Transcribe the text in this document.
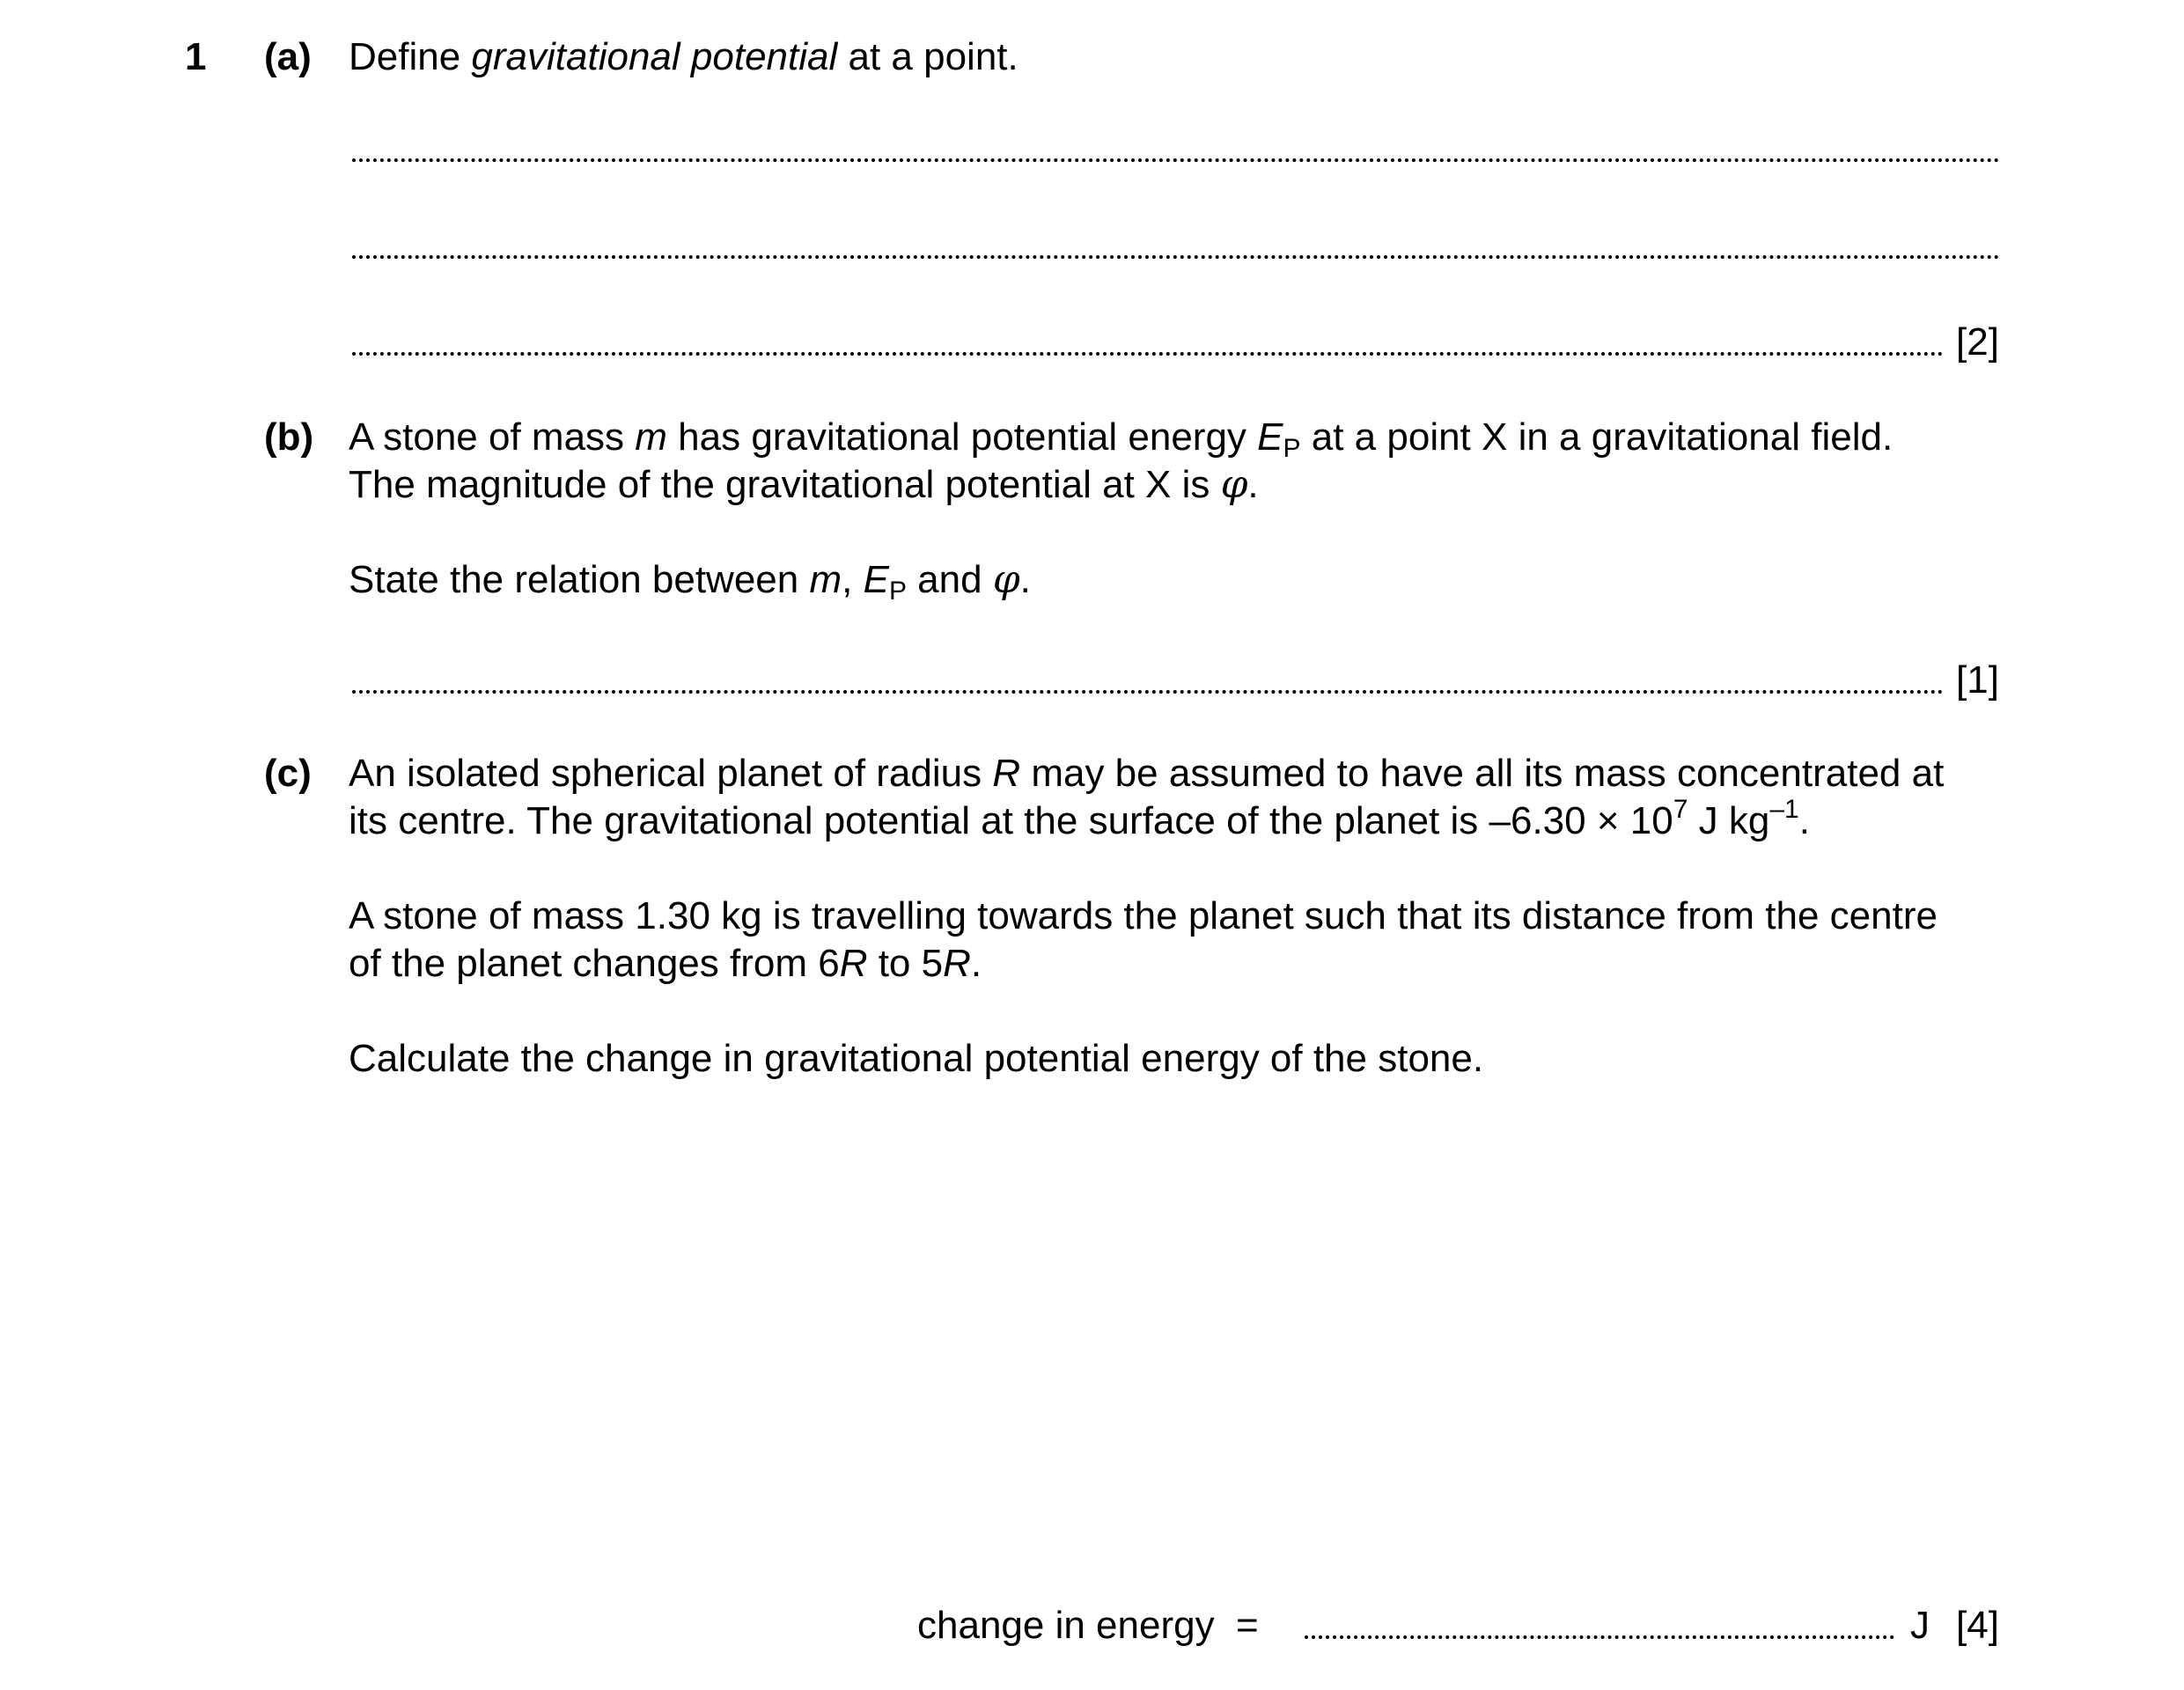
1 (a) Define gravitational potential at a point.
[2]
(b) A stone of mass m has gravitational potential energy $E_P$ at a point X in a gravitational field.
The magnitude of the gravitational potential at X is φ.
State the relation between m, $E_P$ and φ.
[1]
(c) An isolated spherical planet of radius R may be assumed to have all its mass concentrated at
its centre. The gravitational potential at the surface of the planet is $-6.30 \times 10^7$ J $kg^{-1}$.
A stone of mass 1.30 kg is travelling towards the planet such that its distance from the centre
of the planet changes from 6R to 5R.
Calculate the change in gravitational potential energy of the stone.
change in energy  =	J [4]
